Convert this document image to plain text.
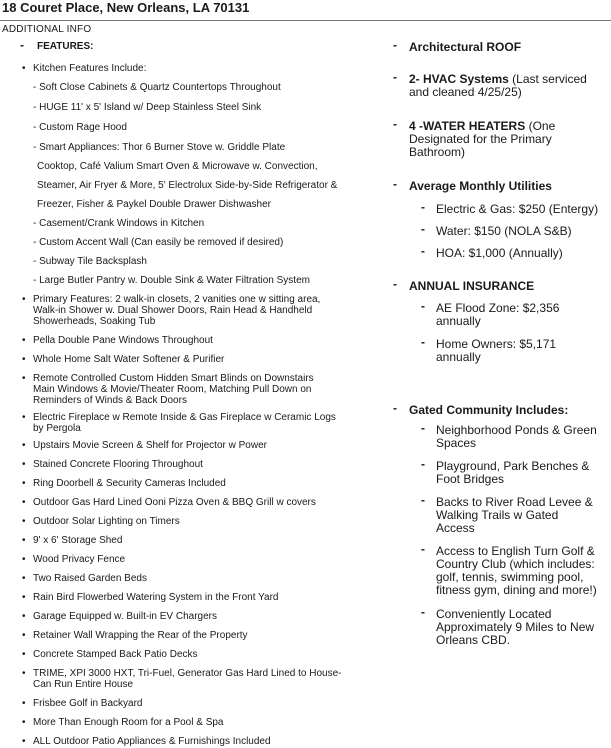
18 Couret Place, New Orleans, LA 70131
ADDITIONAL INFO
- FEATURES:
• Kitchen Features Include:
- Soft Close Cabinets & Quartz Countertops Throughout
- HUGE 11' x 5' Island w/ Deep Stainless Steel Sink
- Custom Rage Hood
- Smart Appliances: Thor 6 Burner Stove w. Griddle Plate
Cooktop, Café Valium Smart Oven & Microwave w. Convection,
Steamer, Air Fryer & More, 5' Electrolux Side-by-Side Refrigerator &
Freezer, Fisher & Paykel Double Drawer Dishwasher
- Casement/Crank Windows in Kitchen
- Custom Accent Wall (Can easily be removed if desired)
- Subway Tile Backsplash
- Large Butler Pantry w. Double Sink & Water Filtration System
• Primary Features: 2 walk-in closets, 2 vanities one w sitting area,
Walk-in Shower w. Dual Shower Doors, Rain Head & Handheld
Showerheads, Soaking Tub
• Pella Double Pane Windows Throughout
• Whole Home Salt Water Softener & Purifier
• Remote Controlled Custom Hidden Smart Blinds on Downstairs
Main Windows & Movie/Theater Room, Matching Pull Down on
Reminders of Winds & Back Doors
• Electric Fireplace w Remote Inside & Gas Fireplace w Ceramic Logs
by Pergola
• Upstairs Movie Screen & Shelf for Projector w Power
• Stained Concrete Flooring Throughout
• Ring Doorbell & Security Cameras Included
• Outdoor Gas Hard Lined Ooni Pizza Oven & BBQ Grill w covers
• Outdoor Solar Lighting on Timers
• 9' x 6' Storage Shed
• Wood Privacy Fence
• Two Raised Garden Beds
• Rain Bird Flowerbed Watering System in the Front Yard
• Garage Equipped w. Built-in EV Chargers
• Retainer Wall Wrapping the Rear of the Property
• Concrete Stamped Back Patio Decks
• TRIME, XPI 3000 HXT, Tri-Fuel, Generator Gas Hard Lined to House-
Can Run Entire House
• Frisbee Golf in Backyard
• More Than Enough Room for a Pool & Spa
• ALL Outdoor Patio Appliances & Furnishings Included
- Architectural ROOF
- 2- HVAC Systems (Last serviced
and cleaned 4/25/25)
- 4 -WATER HEATERS (One
Designated for the Primary
Bathroom)
- Average Monthly Utilities
- Electric & Gas: $250 (Entergy)
- Water: $150 (NOLA S&B)
- HOA: $1,000 (Annually)
- ANNUAL INSURANCE
- AE Flood Zone: $2,356
annually
- Home Owners: $5,171
annually
- Gated Community Includes:
- Neighborhood Ponds & Green
Spaces
- Playground, Park Benches &
Foot Bridges
- Backs to River Road Levee &
Walking Trails w Gated
Access
- Access to English Turn Golf &
Country Club (which includes:
golf, tennis, swimming pool,
fitness gym, dining and more!)
- Conveniently Located
Approximately 9 Miles to New
Orleans CBD.
